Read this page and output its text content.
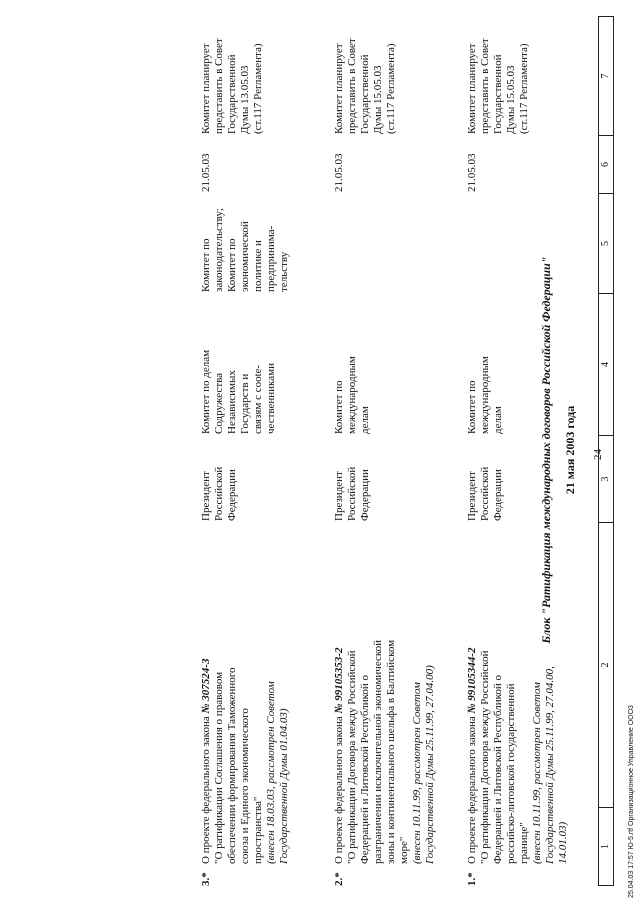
25.04.03 17:57 Ю-5.rtf Организационное Управление ООО3
24
1
2
3
4
5
6
7
21 мая 2003 года
Блок "Ратификация международных договоров Российской Федерации"
1.*
О проекте федерального закона № 99105344-2 "О ратификации Договора между Российской Федерацией и Литовской Республикой о российско-литовской государственной границе" (внесен 10.11.99, рассмотрен Советом Государственной Думы 25.11.99, 27.04.00, 14.01.03)
Президент Российской Федерации
Комитет по международным делам
21.05.03
Комитет планирует представить в Совет Государственной Думы 15.05.03 (ст.117 Регламента)
2.*
О проекте федерального закона № 99105353-2 "О ратификации Договора между Российской Федерацией и Литовской Республикой о разграничении исключительной экономической зоны и континентального шельфа в Балтийском море" (внесен 10.11.99, рассмотрен Советом Государственной Думы 25.11.99, 27.04.00)
Президент Российской Федерации
Комитет по международным делам
21.05.03
Комитет планирует представить в Совет Государственной Думы 15.05.03 (ст.117 Регламента)
3.*
О проекте федерального закона № 307524-3 "О ратификации Соглашения о правовом обеспечении формирования Таможенного союза и Единого экономического пространства" (внесен 18.03.03, рассмотрен Советом Государственной Думы 01.04.03)
Президент Российской Федерации
Комитет по делам Содружества Независимых Государств и связям с соote- чественниками
Комитет по законодательству; Комитет по экономической политике и предпринима- тельству
21.05.03
Комитет планирует представить в Совет Государственной Думы 13.05.03 (ст.117 Регламента)
